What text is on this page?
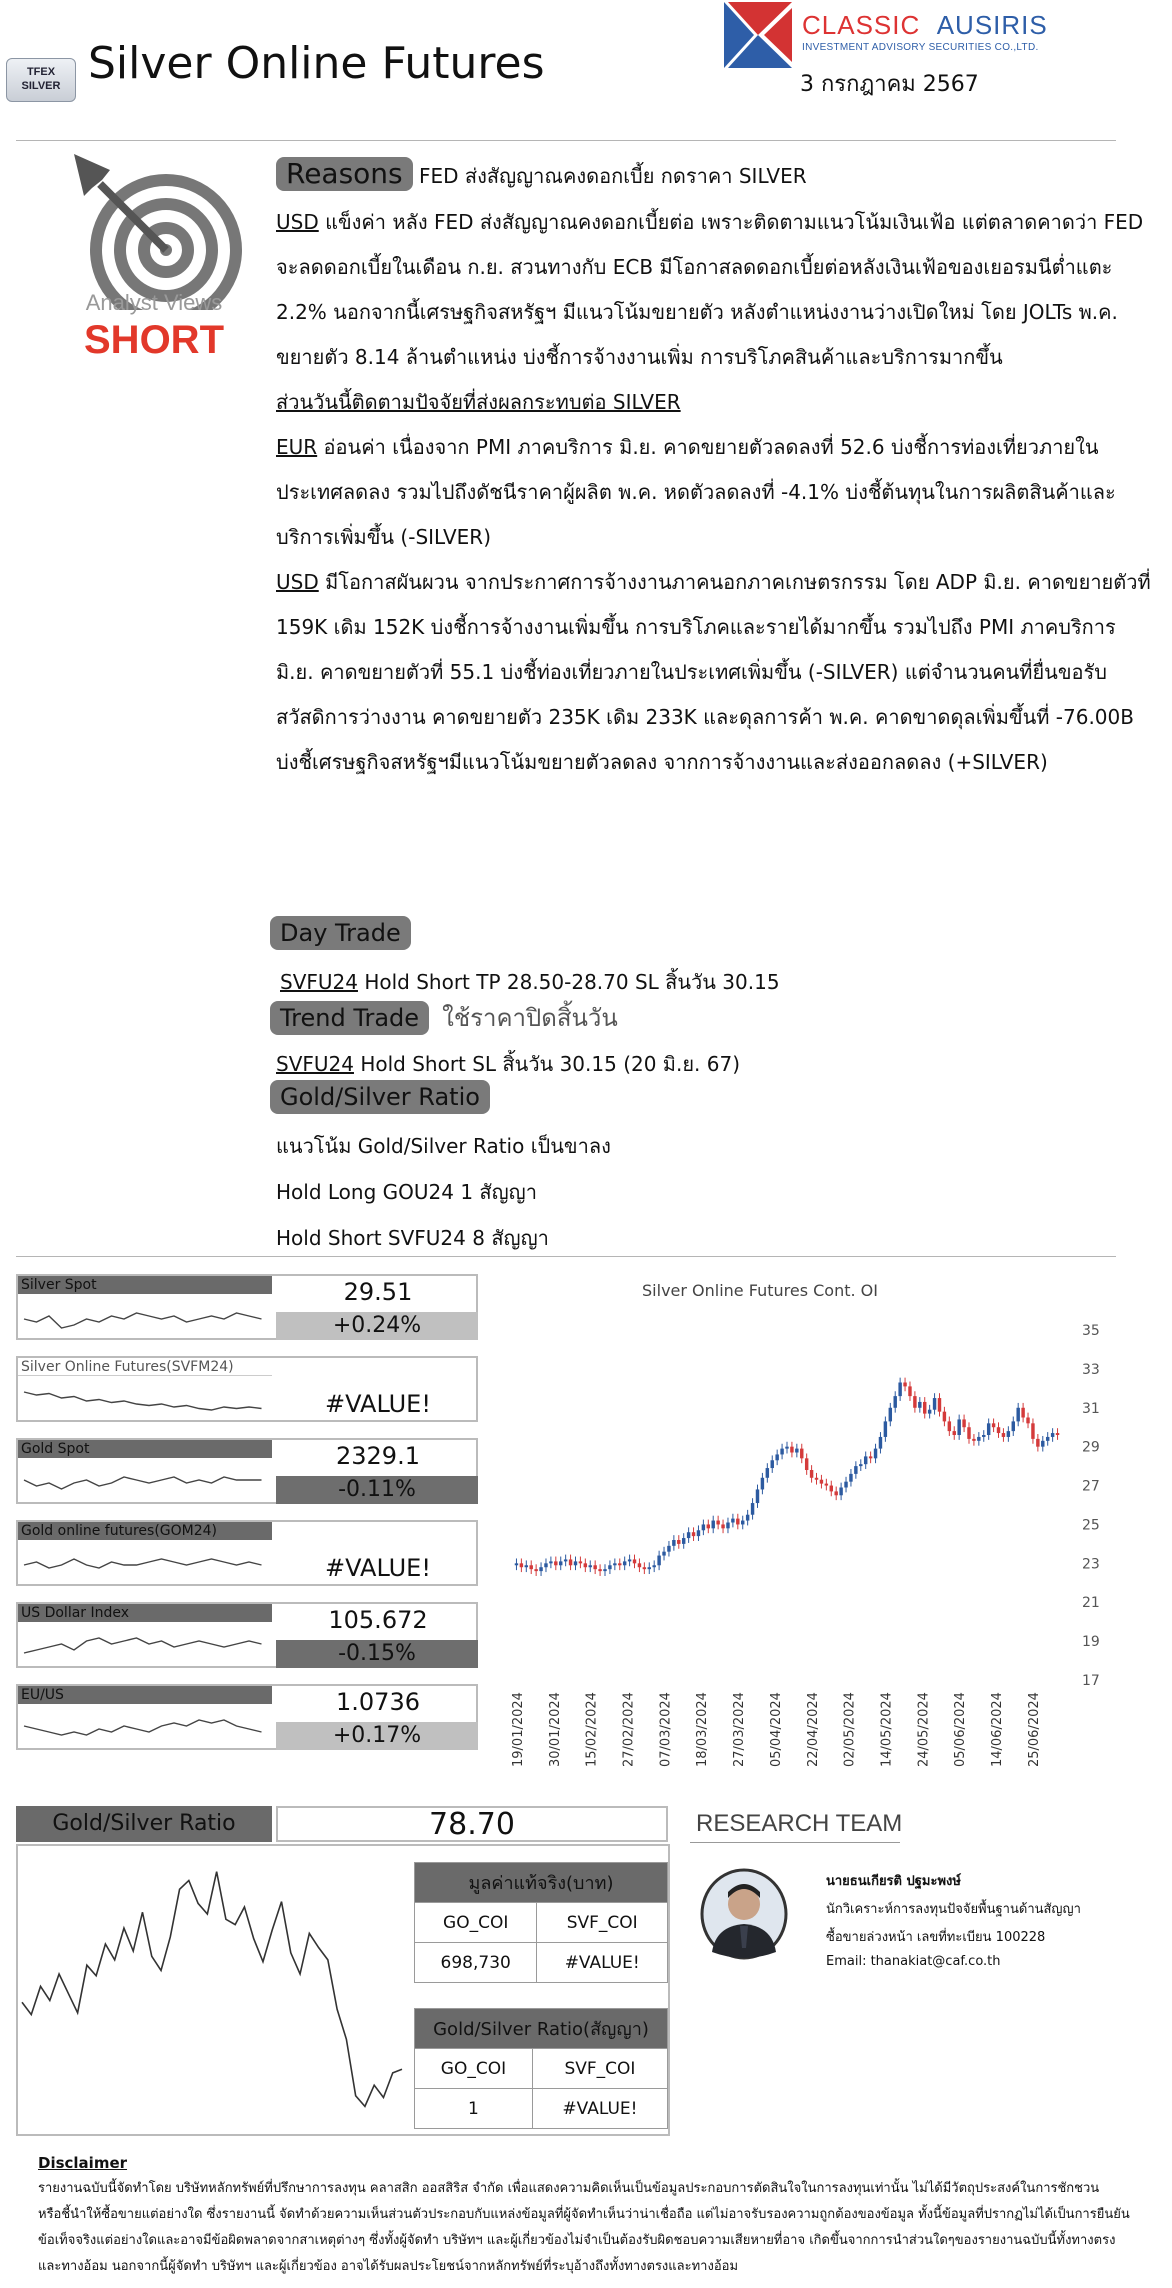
TFEX SILVER Silver Online Futures
CLASSIC AUSIRIS
INVESTMENT ADVISORY SECURITIES CO.,LTD.
3 กรกฎาคม 2567
Analyst Views
SHORT

Reasons FED ส่งสัญญาณคงดอกเบี้ย กดราคา SILVER

USD แข็งค่า หลัง FED ส่งสัญญาณคงดอกเบี้ยต่อ เพราะติดตามแนวโน้มเงินเฟ้อ แต่ตลาดคาดว่า FED จะลดดอกเบี้ยในเดือน ก.ย. สวนทางกับ ECB มีโอกาสลดดอกเบี้ยต่อหลังเงินเฟ้อของเยอรมนีต่ำแตะ 2.2% นอกจากนี้เศรษฐกิจสหรัฐฯ มีแนวโน้มขยายตัว หลังตำแหน่งงานว่างเปิดใหม่ โดย JOLTs พ.ค. ขยายตัว 8.14 ล้านตำแหน่ง บ่งชี้การจ้างงานเพิ่ม การบริโภคสินค้าและบริการมากขึ้น

ส่วนวันนี้ติดตามปัจจัยที่ส่งผลกระทบต่อ SILVER

EUR อ่อนค่า เนื่องจาก PMI ภาคบริการ มิ.ย. คาดขยายตัวลดลงที่ 52.6 บ่งชี้การท่องเที่ยวภายในประเทศลดลง รวมไปถึงดัชนีราคาผู้ผลิต พ.ค. หดตัวลดลงที่ -4.1% บ่งชี้ต้นทุนในการผลิตสินค้าและบริการเพิ่มขึ้น (-SILVER)

USD มีโอกาสผันผวน จากประกาศการจ้างงานภาคนอกภาคเกษตรกรรม โดย ADP มิ.ย. คาดขยายตัวที่ 159K เดิม 152K บ่งชี้การจ้างงานเพิ่มขึ้น การบริโภคและรายได้มากขึ้น รวมไปถึง PMI ภาคบริการ มิ.ย. คาดขยายตัวที่ 55.1 บ่งชี้ท่องเที่ยวภายในประเทศเพิ่มขึ้น (-SILVER) แต่จำนวนคนที่ยื่นขอรับสวัสดิการว่างงาน คาดขยายตัว 235K เดิม 233K และดุลการค้า พ.ค. คาดขาดดุลเพิ่มขึ้นที่ -76.00B บ่งชี้เศรษฐกิจสหรัฐฯมีแนวโน้มขยายตัวลดลง จากการจ้างงานและส่งออกลดลง (+SILVER)

Day Trade
SVFU24 Hold Short TP 28.50-28.70 SL สิ้นวัน 30.15
Trend Trade ใช้ราคาปิดสิ้นวัน
SVFU24 Hold Short SL สิ้นวัน 30.15 (20 มิ.ย. 67)
Gold/Silver Ratio
แนวโน้ม Gold/Silver Ratio เป็นขาลง
Hold Long GOU24 1 สัญญา
Hold Short SVFU24 8 สัญญา
Silver Spot	29.51
+0.24%
Silver Online Futures(SVFM24)
#VALUE!
Gold Spot	2329.1
-0.11%
Gold online futures(GOM24)
#VALUE!
US Dollar Index	105.672
-0.15%
EU/US	1.0736
+0.17%
Silver Online Futures Cont. OI
17
19
21
23
25
27
29
31
33
35
19/01/2024 30/01/2024 15/02/2024 27/02/2024 07/03/2024 18/03/2024 27/03/2024 05/04/2024 22/04/2024 02/05/2024 14/05/2024 24/05/2024 05/06/2024 14/06/2024 25/06/2024
Gold/Silver Ratio	78.70
มูลค่าแท้จริง(บาท)	
GO_COI	SVF_COI
698,730	#VALUE!
Gold/Silver Ratio(สัญญา)	
GO_COI	SVF_COI
1	#VALUE!
RESEARCH TEAM
นายธนเกียรติ ปฐมะพงษ์
นักวิเคราะห์การลงทุนปัจจัยพื้นฐานด้านสัญญา
ซื้อขายล่วงหน้า เลขที่ทะเบียน 100228
Email: thanakiat@caf.co.th
Disclaimer
รายงานฉบับนี้จัดทำโดย บริษัทหลักทรัพย์ที่ปรึกษาการลงทุน คลาสสิก ออสสิริส จำกัด เพื่อแสดงความคิดเห็นเป็นข้อมูลประกอบการตัดสินใจในการลงทุนเท่านั้น ไม่ได้มีวัตถุประสงค์ในการชักชวน
หรือชี้นำให้ซื้อขายแต่อย่างใด ซึ่งรายงานนี้ จัดทำด้วยความเห็นส่วนตัวประกอบกับแหล่งข้อมูลที่ผู้จัดทำเห็นว่าน่าเชื่อถือ แต่ไม่อาจรับรองความถูกต้องของข้อมูล ทั้งนี้ข้อมูลที่ปรากฏไม่ได้เป็นการยืนยัน
ข้อเท็จจริงแต่อย่างใดและอาจมีข้อผิดพลาดจากสาเหตุต่างๆ ซึ่งทั้งผู้จัดทำ บริษัทฯ และผู้เกี่ยวข้องไม่จำเป็นต้องรับผิดชอบความเสียหายที่อาจ เกิดขึ้นจากการนำส่วนใดๆของรายงานฉบับนี้ทั้งทางตรง
และทางอ้อม นอกจากนี้ผู้จัดทำ บริษัทฯ และผู้เกี่ยวข้อง อาจได้รับผลประโยชน์จากหลักทรัพย์ที่ระบุอ้างถึงทั้งทางตรงและทางอ้อม
